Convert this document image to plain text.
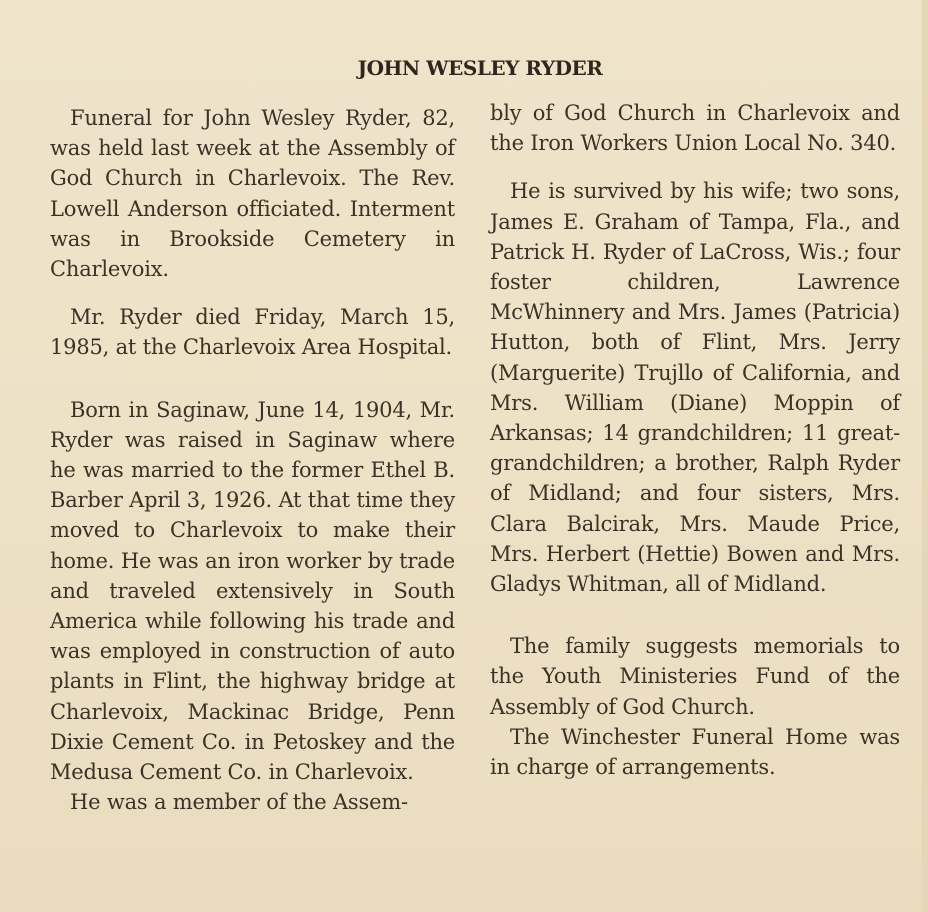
JOHN WESLEY RYDER

Funeral for John Wesley Ryder, 82, was held last week at the Assembly of God Church in Charlevoix. The Rev. Lowell Anderson officiated. Interment was in Brookside Cemetery in Charlevoix.

Mr. Ryder died Friday, March 15, 1985, at the Charlevoix Area Hospital.

Born in Saginaw, June 14, 1904, Mr. Ryder was raised in Saginaw where he was married to the former Ethel B. Barber April 3, 1926. At that time they moved to Charlevoix to make their home. He was an iron worker by trade and traveled extensively in South America while following his trade and was employed in construction of auto plants in Flint, the highway bridge at Charlevoix, Mackinac Bridge, Penn Dixie Cement Co. in Petoskey and the Medusa Cement Co. in Charlevoix.

He was a member of the Assem-

bly of God Church in Charlevoix and the Iron Workers Union Local No. 340.

He is survived by his wife; two sons, James E. Graham of Tampa, Fla., and Patrick H. Ryder of LaCross, Wis.; four foster children, Lawrence McWhinnery and Mrs. James (Patricia) Hutton, both of Flint, Mrs. Jerry (Marguerite) Trujllo of California, and Mrs. William (Diane) Moppin of Arkansas; 14 grandchildren; 11 great-grandchildren; a brother, Ralph Ryder of Midland; and four sisters, Mrs. Clara Balcirak, Mrs. Maude Price, Mrs. Herbert (Hettie) Bowen and Mrs. Gladys Whitman, all of Midland.

The family suggests memorials to the Youth Ministeries Fund of the Assembly of God Church.

The Winchester Funeral Home was in charge of arrangements.
